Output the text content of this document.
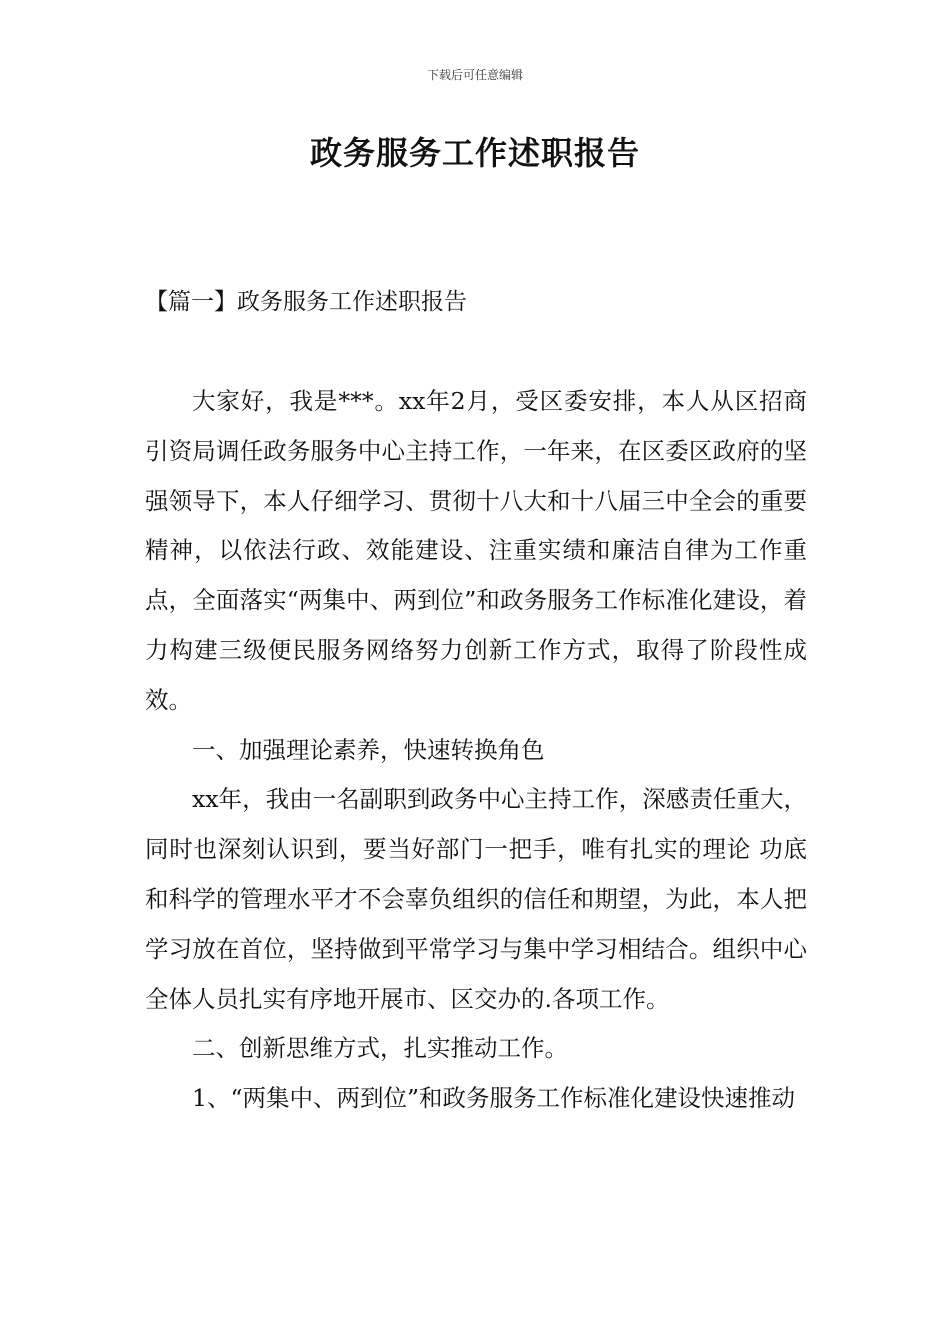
下载后可任意编辑
政务服务工作述职报告
【篇一】政务服务工作述职报告

大家好，我是***。xx年2月，受区委安排，本人从区招商引资局调任政务服务中心主持工作，一年来，在区委区政府的坚强领导下，本人仔细学习、贯彻十八大和十八届三中全会的重要精神，以依法行政、效能建设、注重实绩和廉洁自律为工作重点，全面落实“两集中、两到位”和政务服务工作标准化建设，着力构建三级便民服务网络努力创新工作方式，取得了阶段性成效。

一、加强理论素养，快速转换角色

xx年，我由一名副职到政务中心主持工作，深感责任重大，同时也深刻认识到，要当好部门一把手，唯有扎实的理论 功底和科学的管理水平才不会辜负组织的信任和期望，为此，本人把学习放在首位，坚持做到平常学习与集中学习相结合。组织中心全体人员扎实有序地开展市、区交办的.各项工作。

二、创新思维方式，扎实推动工作。

1、“两集中、两到位”和政务服务工作标准化建设快速推动
